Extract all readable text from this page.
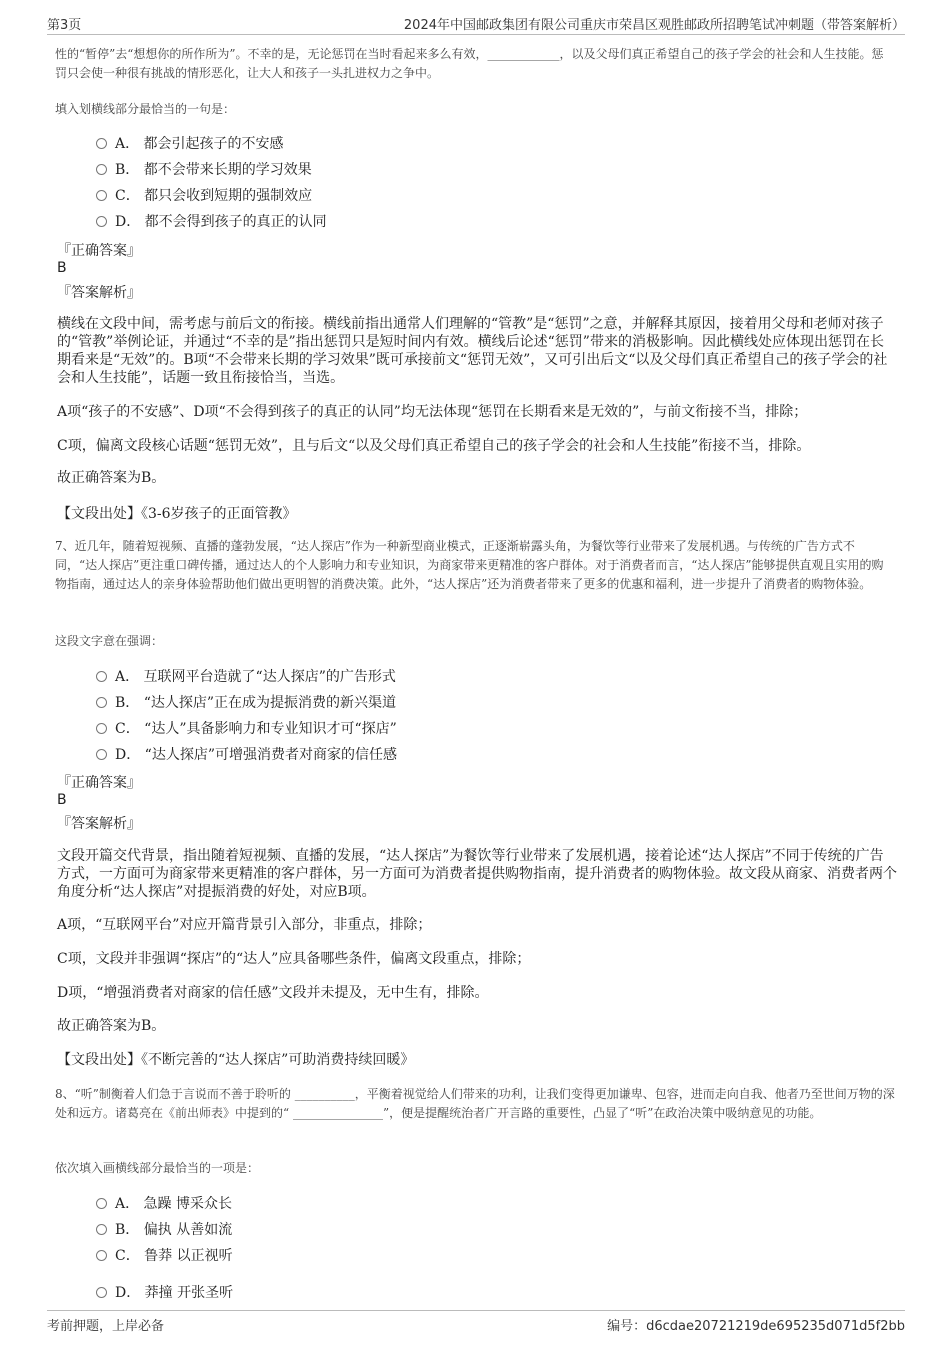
第3页	2024年中国邮政集团有限公司重庆市荣昌区观胜邮政所招聘笔试冲刺题（带答案解析）
性的“暂停”去“想想你的所作所为”。不幸的是，无论惩罚在当时看起来多么有效，____________，以及父母们真正希望自己的孩子学会的社会和人生技能。惩罚只会使一种很有挑战的情形恶化，让大人和孩子一头扎进权力之争中。
填入划横线部分最恰当的一句是：
A． 都会引起孩子的不安感
B． 都不会带来长期的学习效果
C． 都只会收到短期的强制效应
D． 都不会得到孩子的真正的认同
『正确答案』
B
『答案解析』
横线在文段中间，需考虑与前后文的衔接。横线前指出通常人们理解的“管教”是“惩罚”之意，并解释其原因，接着用父母和老师对孩子的“管教”举例论证，并通过“不幸的是”指出惩罚只是短时间内有效。横线后论述“惩罚”带来的消极影响。因此横线处应体现出惩罚在长期看来是“无效”的。B项“不会带来长期的学习效果”既可承接前文“惩罚无效”，又可引出后文“以及父母们真正希望自己的孩子学会的社会和人生技能”，话题一致且衔接恰当，当选。
A项“孩子的不安感”、D项“不会得到孩子的真正的认同”均无法体现“惩罚在长期看来是无效的”，与前文衔接不当，排除；
C项，偏离文段核心话题“惩罚无效”，且与后文“以及父母们真正希望自己的孩子学会的社会和人生技能”衔接不当，排除。
故正确答案为B。
【文段出处】《3-6岁孩子的正面管教》
7、近几年，随着短视频、直播的蓬勃发展，“达人探店”作为一种新型商业模式，正逐渐崭露头角，为餐饮等行业带来了发展机遇。与传统的广告方式不同，“达人探店”更注重口碑传播，通过达人的个人影响力和专业知识，为商家带来更精准的客户群体。对于消费者而言，“达人探店”能够提供直观且实用的购物指南，通过达人的亲身体验帮助他们做出更明智的消费决策。此外，“达人探店”还为消费者带来了更多的优惠和福利，进一步提升了消费者的购物体验。
这段文字意在强调：
A． 互联网平台造就了“达人探店”的广告形式
B． “达人探店”正在成为提振消费的新兴渠道
C． “达人”具备影响力和专业知识才可“探店”
D． “达人探店”可增强消费者对商家的信任感
『正确答案』
B
『答案解析』
文段开篇交代背景，指出随着短视频、直播的发展，“达人探店”为餐饮等行业带来了发展机遇，接着论述“达人探店”不同于传统的广告方式，一方面可为商家带来更精准的客户群体，另一方面可为消费者提供购物指南，提升消费者的购物体验。故文段从商家、消费者两个角度分析“达人探店”对提振消费的好处，对应B项。
A项，“互联网平台”对应开篇背景引入部分，非重点，排除；
C项，文段并非强调“探店”的“达人”应具备哪些条件，偏离文段重点，排除；
D项，“增强消费者对商家的信任感”文段并未提及，无中生有，排除。
故正确答案为B。
【文段出处】《不断完善的“达人探店”可助消费持续回暖》
8、“听”制衡着人们急于言说而不善于聆听的 __________，平衡着视觉给人们带来的功利，让我们变得更加谦卑、包容，进而走向自我、他者乃至世间万物的深处和远方。诸葛亮在《前出师表》中提到的“ _______________”，便是提醒统治者广开言路的重要性，凸显了“听”在政治决策中吸纳意见的功能。
依次填入画横线部分最恰当的一项是：
A． 急躁 博采众长
B． 偏执 从善如流
C． 鲁莽 以正视听
D． 莽撞 开张圣听
考前押题，上岸必备	编号：d6cdae20721219de695235d071d5f2bb
